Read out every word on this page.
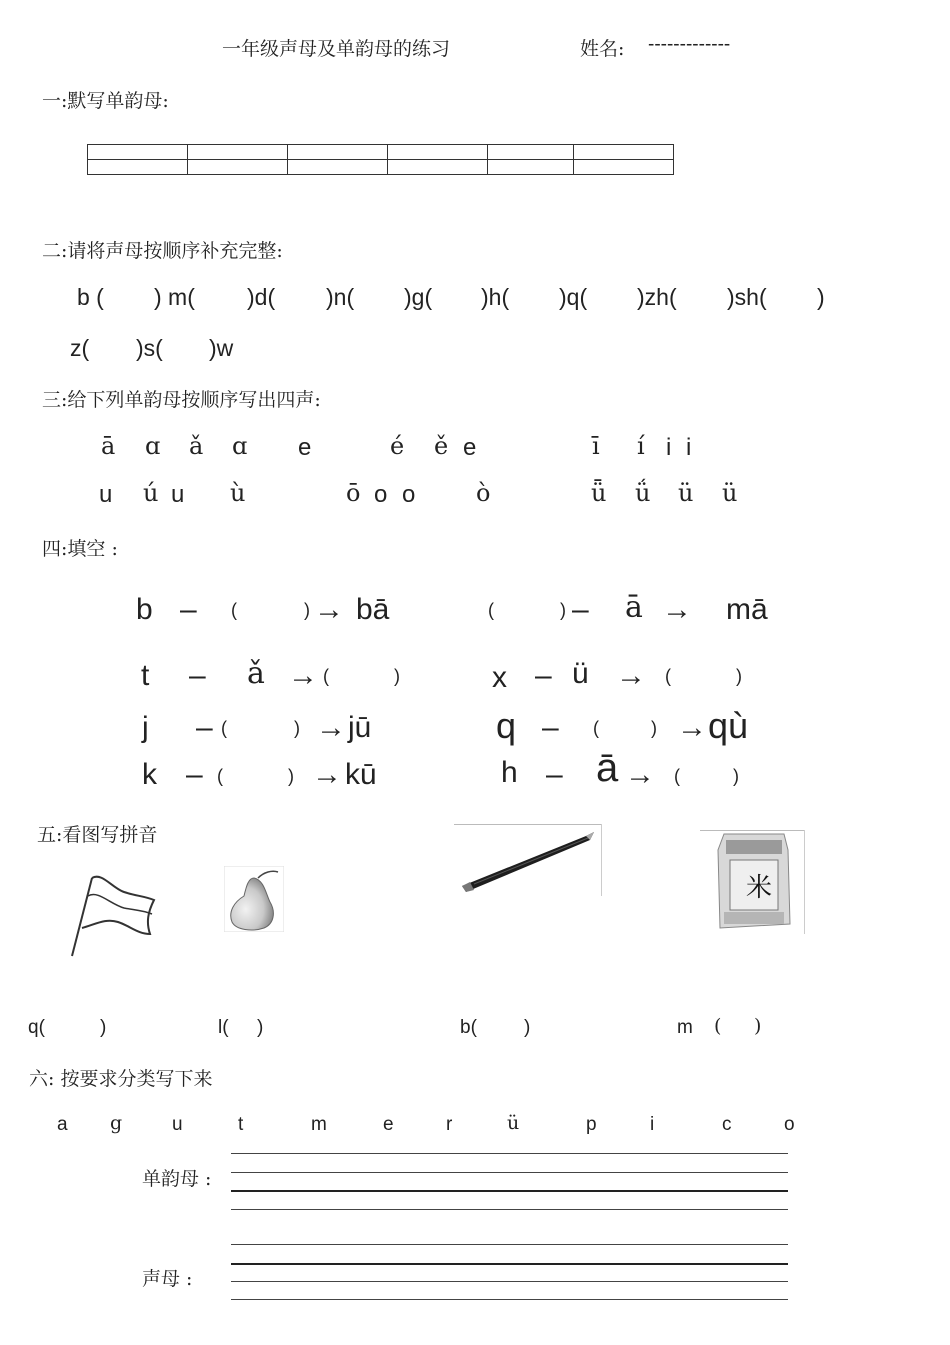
一年级声母及单韵母的练习	姓名: -------------
一:默写单韵母:

二:请将声母按顺序补充完整:
b ( ) m( )d( )n( )g( )h( )q( )zh( )sh( )
z( )s( )w
三:给下列单韵母按顺序写出四声:
ā ɑ ǎ ɑ e	é ě e	ī í i i
u ú u ù	ō o o	ò	ǖ ǘ ü ü
四:填空 :
b – (	) → bā	(	) – ā → mā
t – ǎ → (	)	x – ü → (	)
j – (	) → jū	q – (	) → qù
k – (	) → kū	h – ā → (	)
五:看图写拼音
米
q(	)	l( )	b( )	m ( )
六: 按要求分类写下来
a g	u	t	m	e	r	ü	p	i	c	o
单韵母 :
声母 :
